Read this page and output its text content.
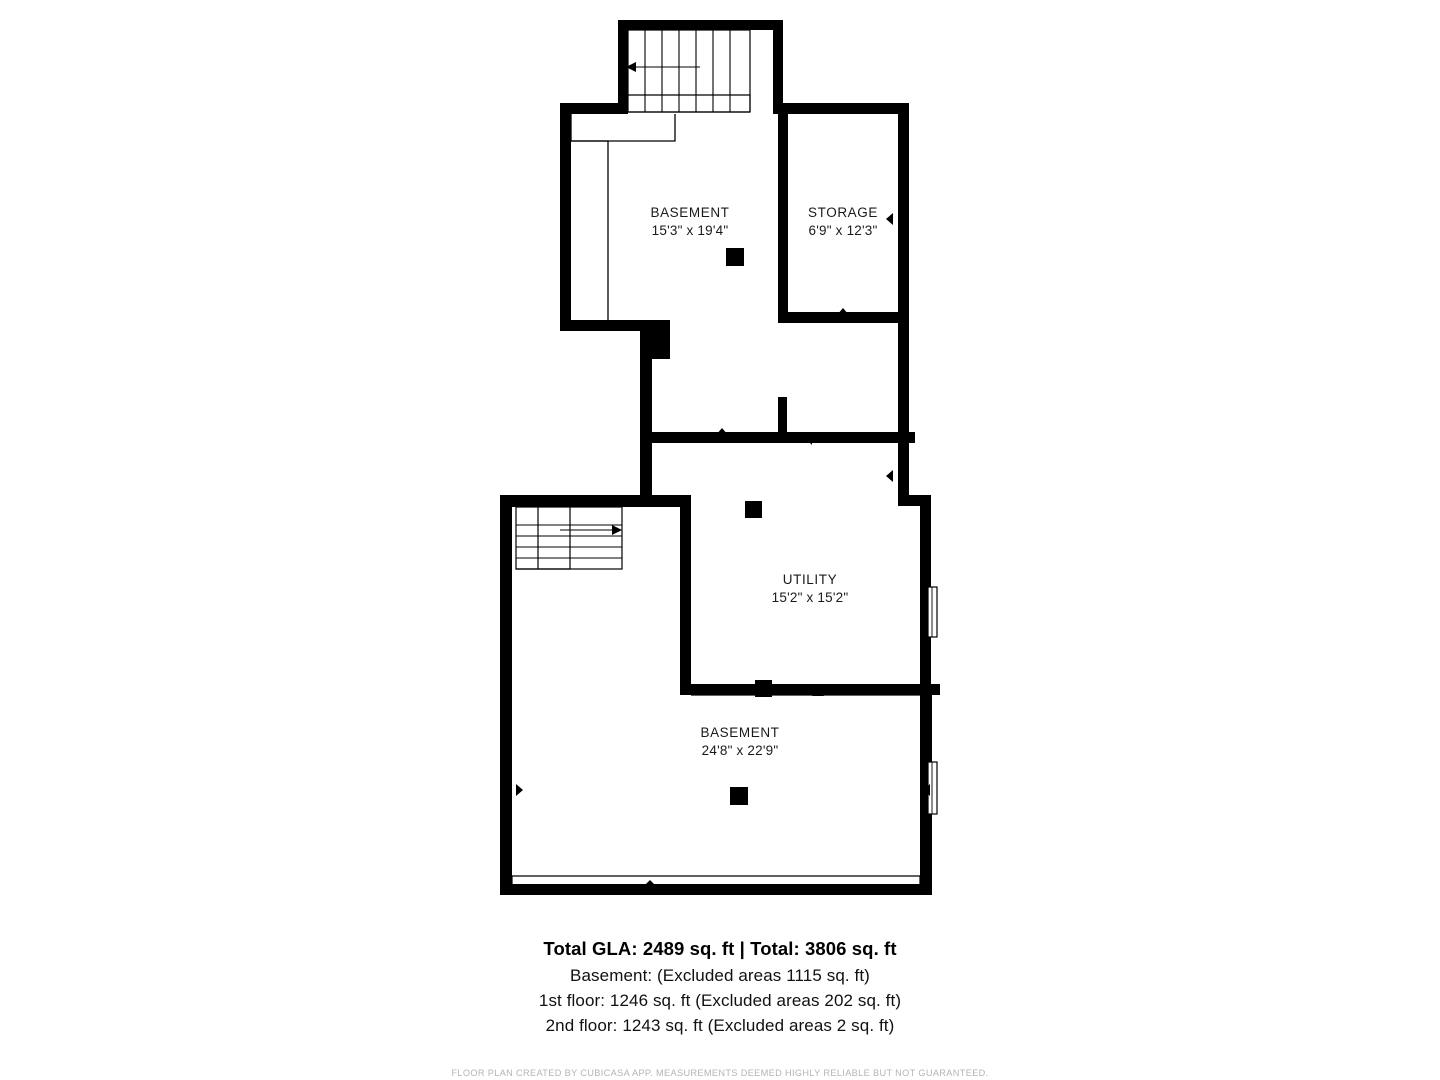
BASEMENT
15'3" x 19'4"
STORAGE
6'9" x 12'3"
UTILITY
15'2" x 15'2"
BASEMENT
24'8" x 22'9"
Total GLA: 2489 sq. ft | Total: 3806 sq. ft
Basement: (Excluded areas 1115 sq. ft)
1st floor: 1246 sq. ft (Excluded areas 202 sq. ft)
2nd floor: 1243 sq. ft (Excluded areas 2 sq. ft)
FLOOR PLAN CREATED BY CUBICASA APP. MEASUREMENTS DEEMED HIGHLY RELIABLE BUT NOT GUARANTEED.
